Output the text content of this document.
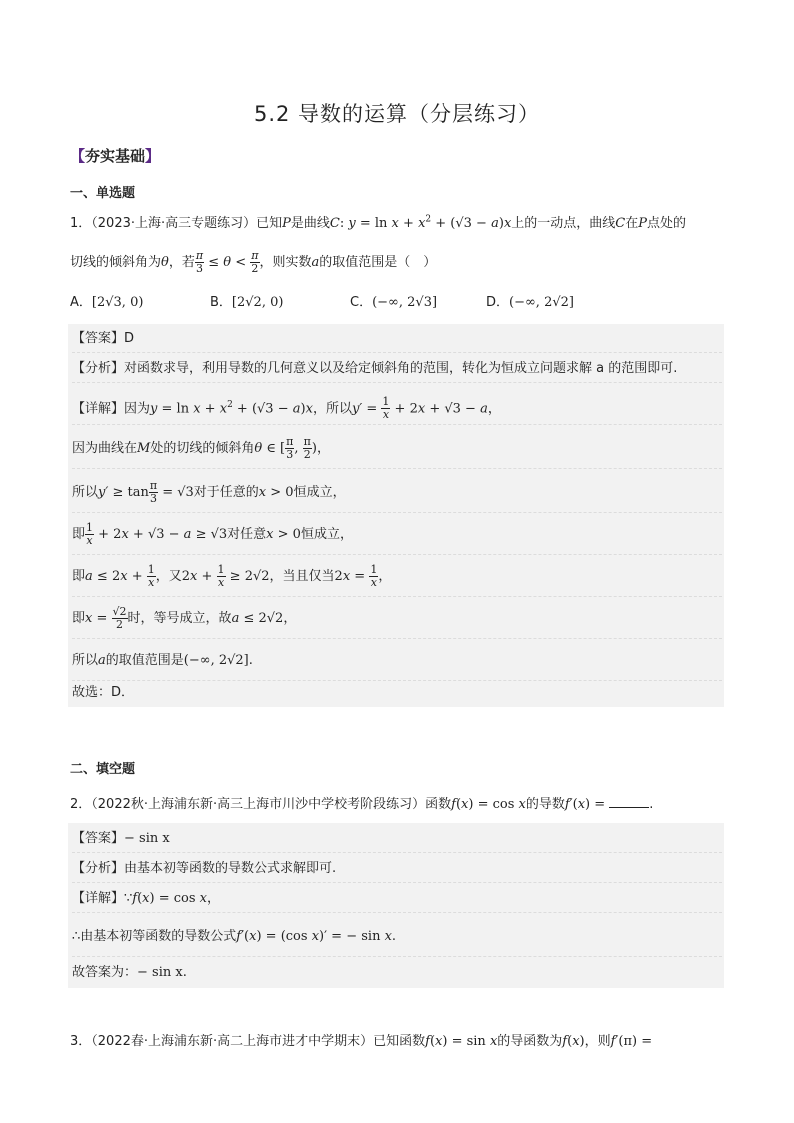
5.2 导数的运算（分层练习）
【夯实基础】
一、单选题
1．（2023·上海·高三专题练习）已知P是曲线C: $y = \ln x + x^2 + (√3 - a)x$上的一动点，曲线C在P点处的
切线的倾斜角为θ，若 $\frac{\pi}{3} \le \theta < \frac{\pi}{2}$ ，则实数a的取值范围是（　）
A．[2√3, 0)	B．[2√2, 0)	C．(−∞, 2√3]	D．(−∞, 2√2]
【答案】D
【分析】对函数求导，利用导数的几何意义以及给定倾斜角的范围，转化为恒成立问题求解 a 的范围即可.
【详解】因为$y = \ln x + x^2 + (√3 - a)x$，所以$y' = \frac{1}{x} + 2x + √3 - a$，
因为曲线在M处的切线的倾斜角θ ∈ [ $\frac{\pi}{3}$ , $\frac{\pi}{2}$ )，
所以$y' \ge \tan \frac{\pi}{3} = √3$对于任意的x > 0恒成立，
即 $\frac{1}{x} + 2x + √3 - a \ge √3$对任意x > 0恒成立，
即$a \le 2x + \frac{1}{x}$ ，又$2x + \frac{1}{x} \ge 2√2$，当且仅当$2x = \frac{1}{x}$ ，
即$x = \frac{√2}{2}$ 时，等号成立，故a ≤ 2√2，
所以a的取值范围是(−∞, 2√2].
故选：D．
二、填空题
2．（2022秋·上海浦东新·高三上海市川沙中学校考阶段练习）函数f(x) = cos x的导数f′(x) =	.
【答案】− sin x
【分析】由基本初等函数的导数公式求解即可.
【详解】∵f(x) = cos x，
∴由基本初等函数的导数公式f′(x) = (cos x)′ = − sin x.
故答案为：− sin x.
3．（2022春·上海浦东新·高二上海市进才中学期末）已知函数f(x) = sin x的导函数为f(x)，则f′(π) =
